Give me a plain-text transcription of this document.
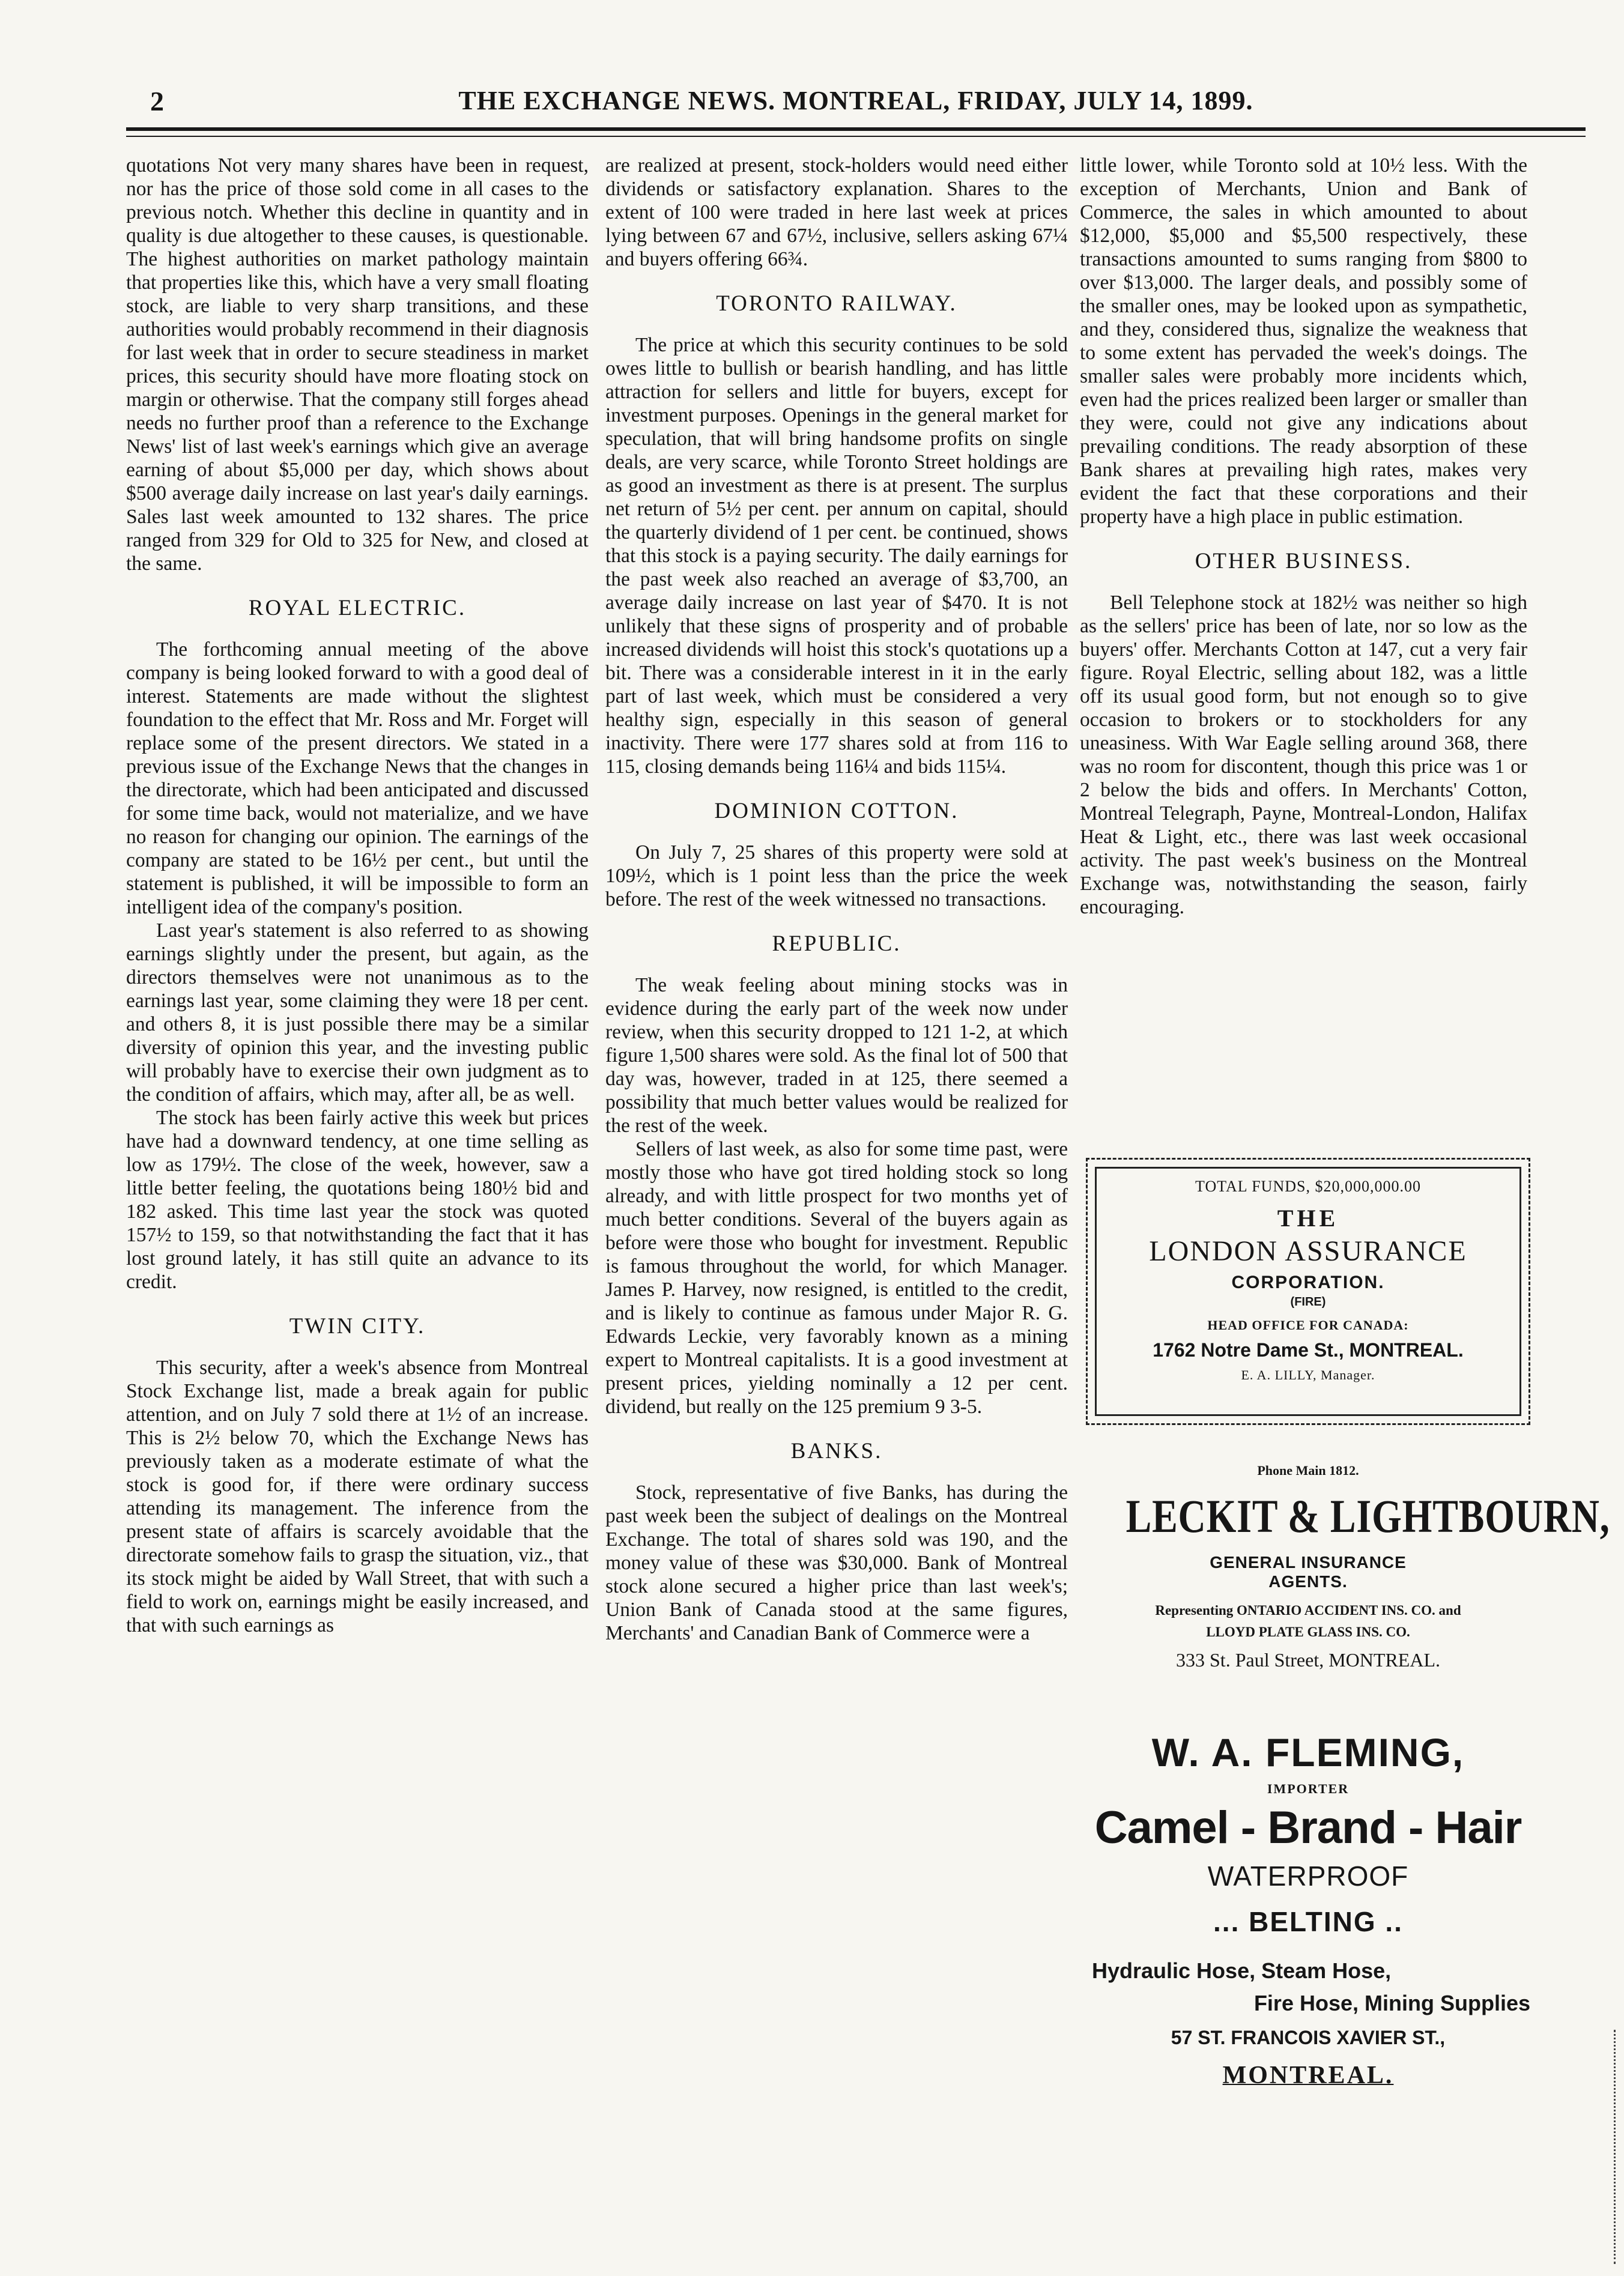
2	THE EXCHANGE NEWS. MONTREAL, FRIDAY, JULY 14, 1899.

quotations Not very many shares have been in request, nor has the price of those sold come in all cases to the previous notch. Whether this decline in quantity and in quality is due altogether to these causes, is questionable. The highest authorities on market pathology maintain that properties like this, which have a very small floating stock, are liable to very sharp transitions, and these authorities would probably recommend in their diagnosis for last week that in order to secure steadiness in market prices, this security should have more floating stock on margin or otherwise. That the company still forges ahead needs no further proof than a reference to the Exchange News' list of last week's earnings which give an average earning of about $5,000 per day, which shows about $500 average daily increase on last year's daily earnings. Sales last week amounted to 132 shares. The price ranged from 329 for Old to 325 for New, and closed at the same.

ROYAL ELECTRIC.

The forthcoming annual meeting of the above company is being looked forward to with a good deal of interest. Statements are made without the slightest foundation to the effect that Mr. Ross and Mr. Forget will replace some of the present directors. We stated in a previous issue of the Exchange News that the changes in the directorate, which had been anticipated and discussed for some time back, would not materialize, and we have no reason for changing our opinion. The earnings of the company are stated to be 16½ per cent., but until the statement is published, it will be impossible to form an intelligent idea of the company's position.

Last year's statement is also referred to as showing earnings slightly under the present, but again, as the directors themselves were not unanimous as to the earnings last year, some claiming they were 18 per cent. and others 8, it is just possible there may be a similar diversity of opinion this year, and the investing public will probably have to exercise their own judgment as to the condition of affairs, which may, after all, be as well.

The stock has been fairly active this week but prices have had a downward tendency, at one time selling as low as 179½. The close of the week, however, saw a little better feeling, the quotations being 180½ bid and 182 asked. This time last year the stock was quoted 157½ to 159, so that notwithstanding the fact that it has lost ground lately, it has still quite an advance to its credit.

TWIN CITY.

This security, after a week's absence from Montreal Stock Exchange list, made a break again for public attention, and on July 7 sold there at 1½ of an increase. This is 2½ below 70, which the Exchange News has previously taken as a moderate estimate of what the stock is good for, if there were ordinary success attending its management. The inference from the present state of affairs is scarcely avoidable that the directorate somehow fails to grasp the situation, viz., that its stock might be aided by Wall Street, that with such a field to work on, earnings might be easily increased, and that with such earnings as

are realized at present, stock-holders would need either dividends or satisfactory explanation. Shares to the extent of 100 were traded in here last week at prices lying between 67 and 67½, inclusive, sellers asking 67¼ and buyers offering 66¾.

TORONTO RAILWAY.

The price at which this security continues to be sold owes little to bullish or bearish handling, and has little attraction for sellers and little for buyers, except for investment purposes. Openings in the general market for speculation, that will bring handsome profits on single deals, are very scarce, while Toronto Street holdings are as good an investment as there is at present. The surplus net return of 5½ per cent. per annum on capital, should the quarterly dividend of 1 per cent. be continued, shows that this stock is a paying security. The daily earnings for the past week also reached an average of $3,700, an average daily increase on last year of $470. It is not unlikely that these signs of prosperity and of probable increased dividends will hoist this stock's quotations up a bit. There was a considerable interest in it in the early part of last week, which must be considered a very healthy sign, especially in this season of general inactivity. There were 177 shares sold at from 116 to 115, closing demands being 116¼ and bids 115¼.

DOMINION COTTON.

On July 7, 25 shares of this property were sold at 109½, which is 1 point less than the price the week before. The rest of the week witnessed no transactions.

REPUBLIC.

The weak feeling about mining stocks was in evidence during the early part of the week now under review, when this security dropped to 121 1-2, at which figure 1,500 shares were sold. As the final lot of 500 that day was, however, traded in at 125, there seemed a possibility that much better values would be realized for the rest of the week.

Sellers of last week, as also for some time past, were mostly those who have got tired holding stock so long already, and with little prospect for two months yet of much better conditions. Several of the buyers again as before were those who bought for investment. Republic is famous throughout the world, for which Manager. James P. Harvey, now resigned, is entitled to the credit, and is likely to continue as famous under Major R. G. Edwards Leckie, very favorably known as a mining expert to Montreal capitalists. It is a good investment at present prices, yielding nominally a 12 per cent. dividend, but really on the 125 premium 9 3-5.

BANKS.

Stock, representative of five Banks, has during the past week been the subject of dealings on the Montreal Exchange. The total of shares sold was 190, and the money value of these was $30,000. Bank of Montreal stock alone secured a higher price than last week's; Union Bank of Canada stood at the same figures, Merchants' and Canadian Bank of Commerce were a

little lower, while Toronto sold at 10½ less. With the exception of Merchants, Union and Bank of Commerce, the sales in which amounted to about $12,000, $5,000 and $5,500 respectively, these transactions amounted to sums ranging from $800 to over $13,000. The larger deals, and possibly some of the smaller ones, may be looked upon as sympathetic, and they, considered thus, signalize the weakness that to some extent has pervaded the week's doings. The smaller sales were probably more incidents which, even had the prices realized been larger or smaller than they were, could not give any indications about prevailing conditions. The ready absorption of these Bank shares at prevailing high rates, makes very evident the fact that these corporations and their property have a high place in public estimation.

OTHER BUSINESS.

Bell Telephone stock at 182½ was neither so high as the sellers' price has been of late, nor so low as the buyers' offer. Merchants Cotton at 147, cut a very fair figure. Royal Electric, selling about 182, was a little off its usual good form, but not enough so to give occasion to brokers or to stockholders for any uneasiness. With War Eagle selling around 368, there was no room for discontent, though this price was 1 or 2 below the bids and offers. In Merchants' Cotton, Montreal Telegraph, Payne, Montreal-London, Halifax Heat & Light, etc., there was last week occasional activity. The past week's business on the Montreal Exchange was, notwithstanding the season, fairly encouraging.

TOTAL FUNDS, $20,000,000.00
THE
LONDON ASSURANCE
CORPORATION.
(FIRE)
HEAD OFFICE FOR CANADA:
1762 Notre Dame St., MONTREAL.
E. A. LILLY, Manager.
Phone Main 1812.
LECKIT & LIGHTBOURN,
GENERAL INSURANCE
AGENTS.
Representing ONTARIO ACCIDENT INS. CO. and
LLOYD PLATE GLASS INS. CO.
333 St. Paul Street, MONTREAL.
W. A. FLEMING,
IMPORTER
Camel - Brand - Hair
WATERPROOF
... BELTING ..
Hydraulic Hose, Steam Hose,
Fire Hose, Mining Supplies
57 ST. FRANCOIS XAVIER ST.,
MONTREAL.
